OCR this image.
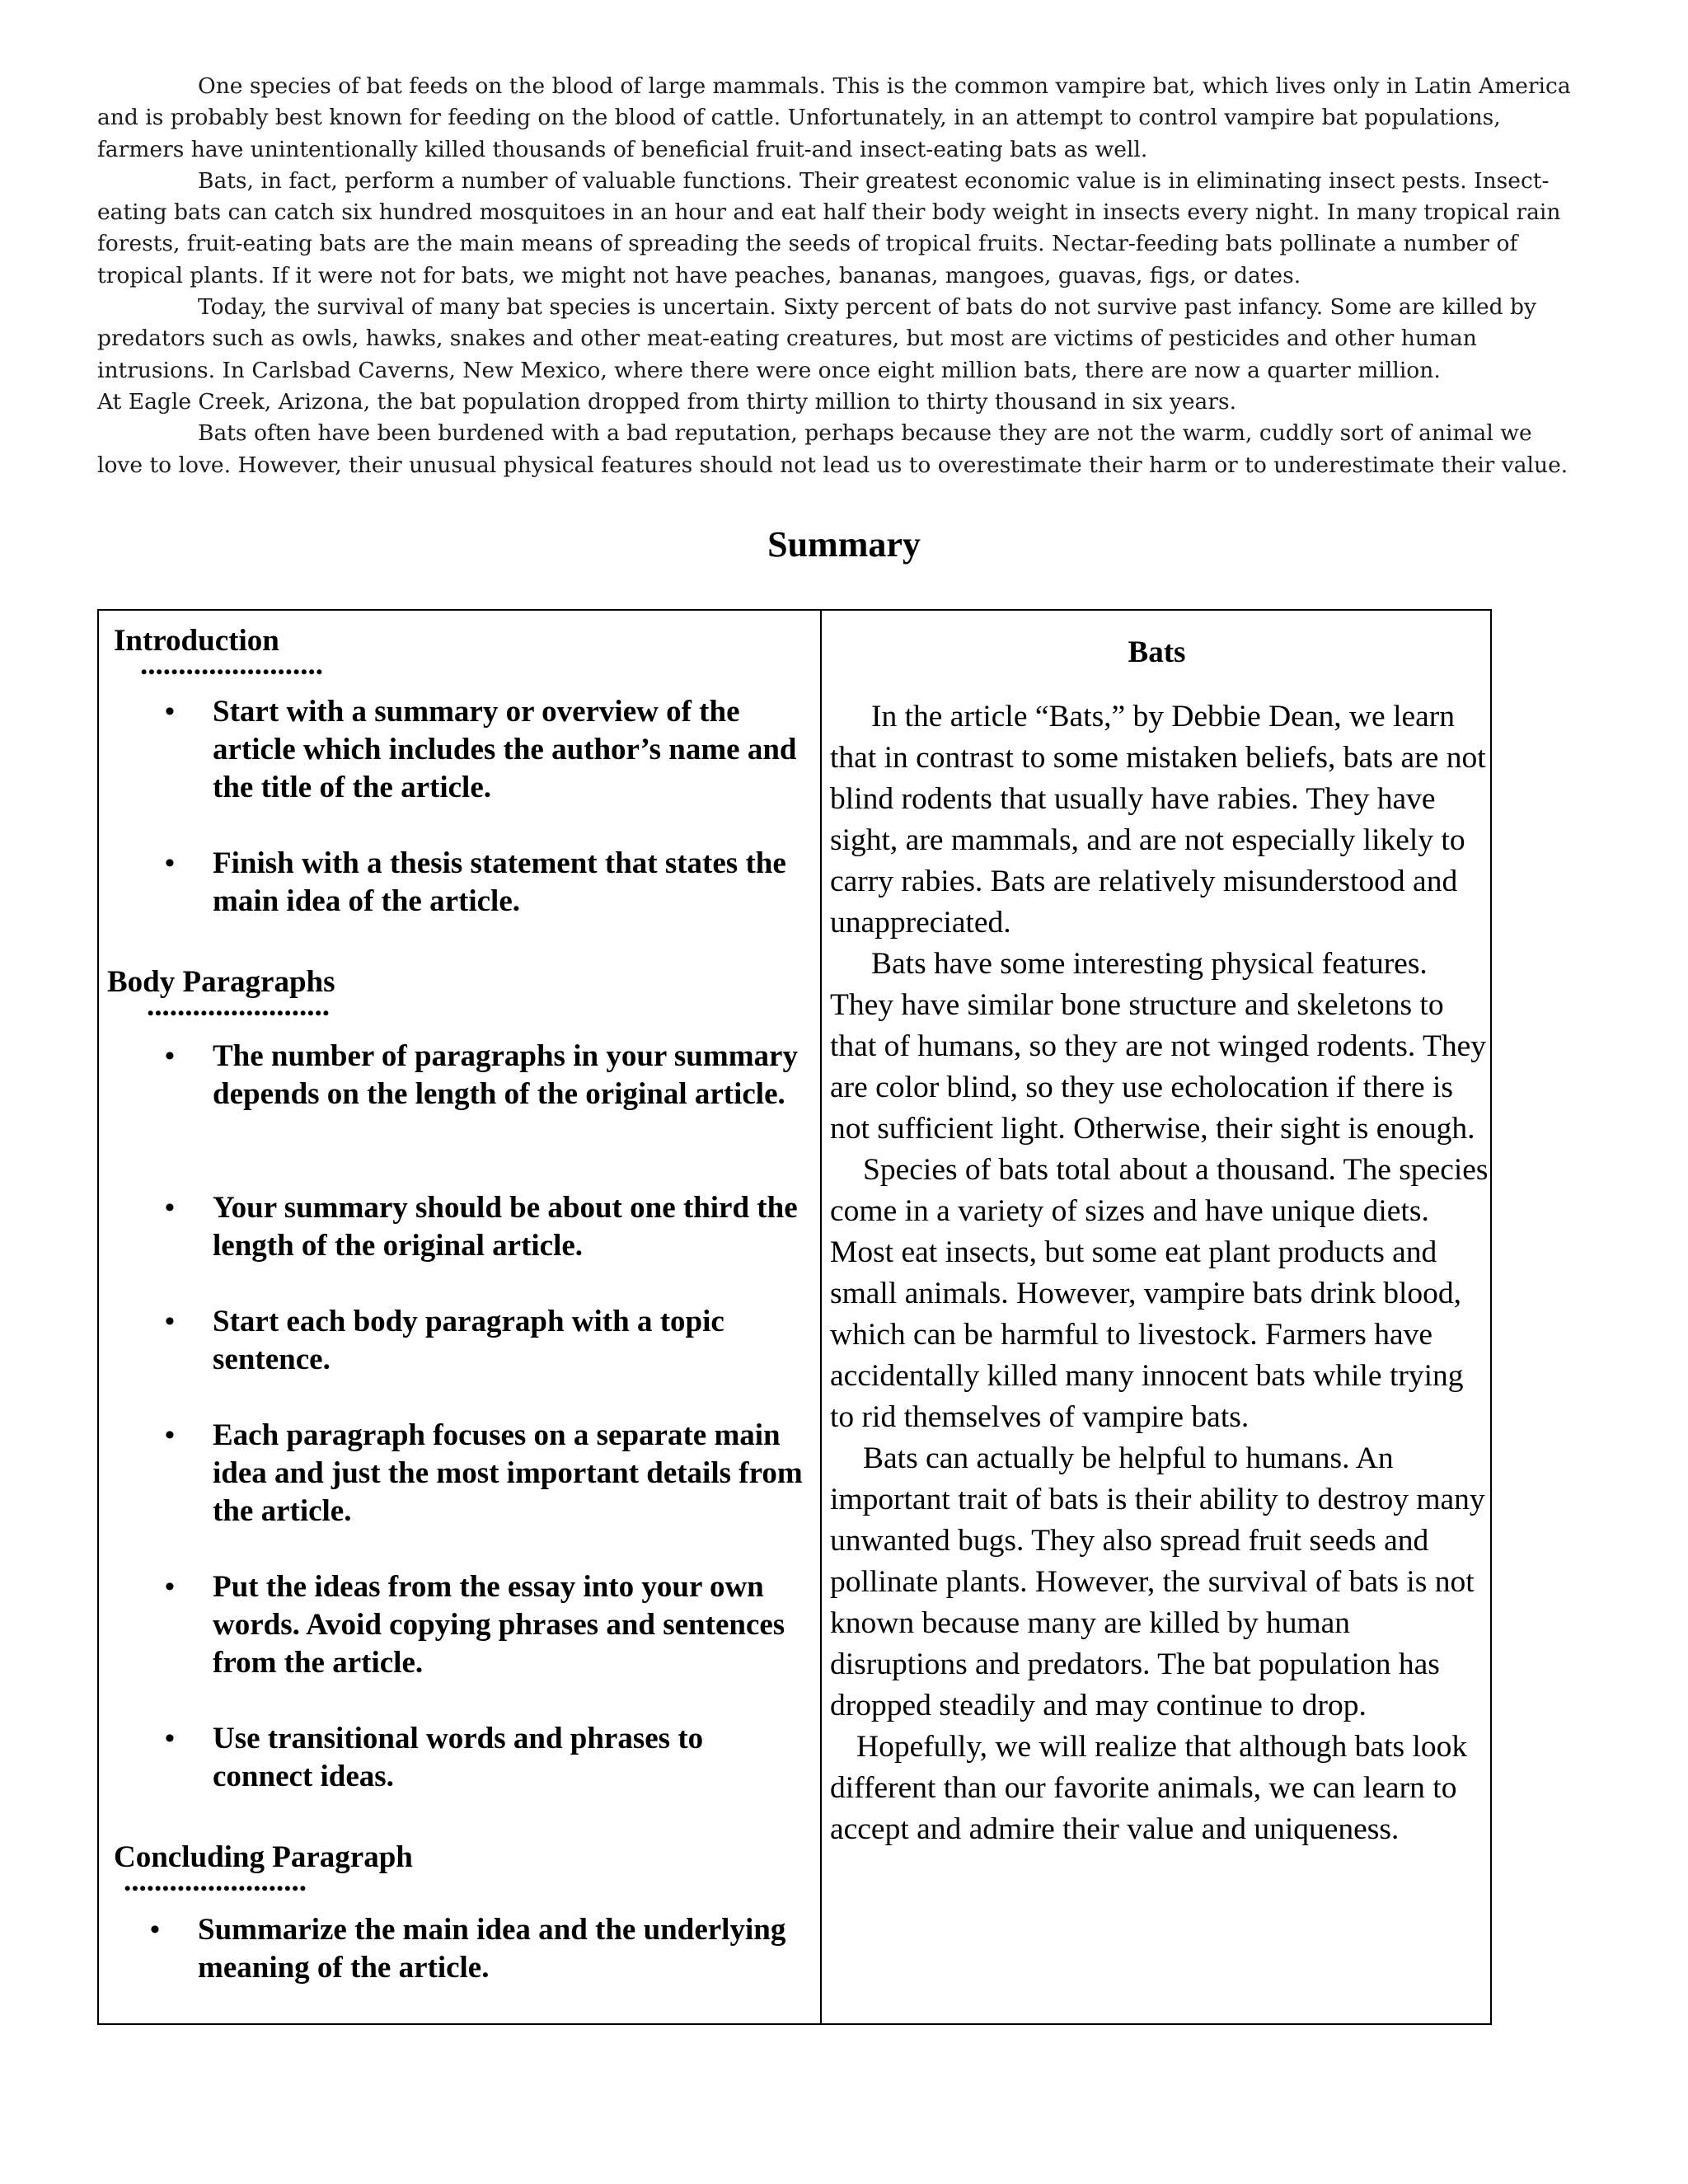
One species of bat feeds on the blood of large mammals. This is the common vampire bat, which lives only in Latin America and is probably best known for feeding on the blood of cattle. Unfortunately, in an attempt to control vampire bat populations, farmers have unintentionally killed thousands of beneficial fruit-and insect-eating bats as well.

Bats, in fact, perform a number of valuable functions. Their greatest economic value is in eliminating insect pests. Insect- eating bats can catch six hundred mosquitoes in an hour and eat half their body weight in insects every night. In many tropical rain forests, fruit-eating bats are the main means of spreading the seeds of tropical fruits. Nectar-feeding bats pollinate a number of

tropical plants. If it were not for bats, we might not have peaches, bananas, mangoes, guavas, figs, or dates.

Today, the survival of many bat species is uncertain. Sixty percent of bats do not survive past infancy. Some are killed by predators such as owls, hawks, snakes and other meat-eating creatures, but most are victims of pesticides and other human intrusions. In Carlsbad Caverns, New Mexico, where there were once eight million bats, there are now a quarter million.

At Eagle Creek, Arizona, the bat population dropped from thirty million to thirty thousand in six years.

Bats often have been burdened with a bad reputation, perhaps because they are not the warm, cuddly sort of animal we love to love. However, their unusual physical features should not lead us to overestimate their harm or to underestimate their value.

Summary
Introduction
........................
• Start with a summary or overview of the article which includes the author’s name and the title of the article.
• Finish with a thesis statement that states the main idea of the article.
Body Paragraphs
........................
• The number of paragraphs in your summary depends on the length of the original article.
• Your summary should be about one third the length of the original article.
• Start each body paragraph with a topic sentence.
• Each paragraph focuses on a separate main idea and just the most important details from the article.
• Put the ideas from the essay into your own words. Avoid copying phrases and sentences from the article.
• Use transitional words and phrases to connect ideas.
Concluding Paragraph
........................
• Summarize the main idea and the underlying meaning of the article.
Bats

In the article “Bats,” by Debbie Dean, we learn that in contrast to some mistaken beliefs, bats are not blind rodents that usually have rabies. They have sight, are mammals, and are not especially likely to carry rabies. Bats are relatively misunderstood and unappreciated.

Bats have some interesting physical features. They have similar bone structure and skeletons to that of humans, so they are not winged rodents. They are color blind, so they use echolocation if there is not sufficient light. Otherwise, their sight is enough.

Species of bats total about a thousand. The species come in a variety of sizes and have unique diets. Most eat insects, but some eat plant products and small animals. However, vampire bats drink blood, which can be harmful to livestock. Farmers have accidentally killed many innocent bats while trying to rid themselves of vampire bats.

Bats can actually be helpful to humans. An important trait of bats is their ability to destroy many unwanted bugs. They also spread fruit seeds and pollinate plants. However, the survival of bats is not known because many are killed by human disruptions and predators. The bat population has dropped steadily and may continue to drop.

Hopefully, we will realize that although bats look different than our favorite animals, we can learn to accept and admire their value and uniqueness.
